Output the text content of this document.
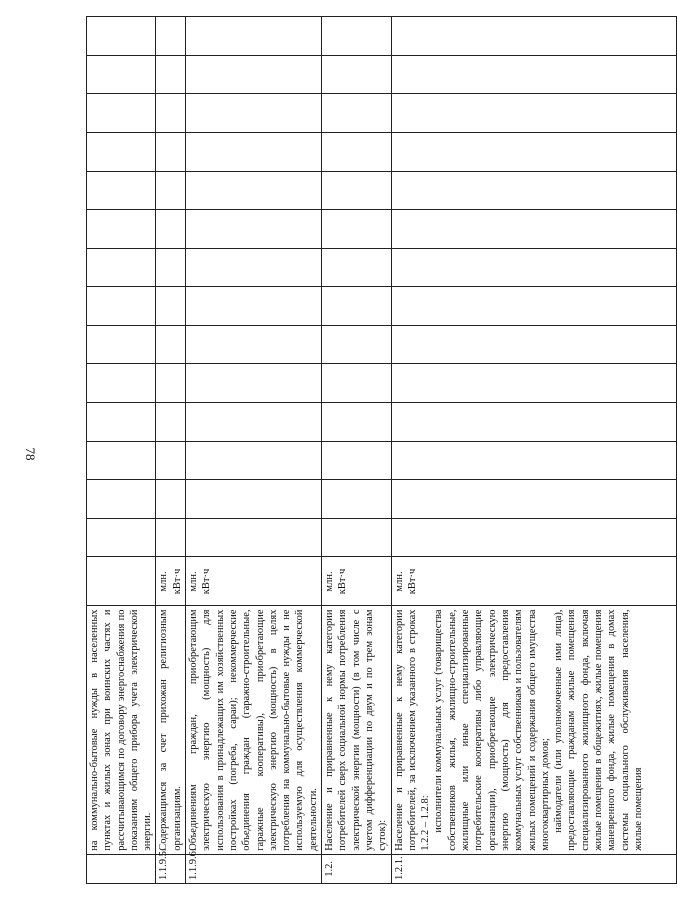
78

	на коммунально-бытовые нужды в населенных пунктах и жилых зонах при воинских частях и рассчитывающимся по договору энергоснабжения по показаниям общего прибора учета электрической энергии.															

1.1.9.5.	Содержащимся за счет прихожан религиозным организациям.	млн. кВт·ч														
1.1.9.6.	Объединениям граждан, приобретающим электрическую энергию (мощность) для использования в принадлежащих им хозяйственных постройках (погреба, сараи); некоммерческие объединения граждан (гаражно-строительные, гаражные кооперативы), приобретающие электрическую энергию (мощность) в целях потребления на коммунально-бытовые нужды и не используемую для осуществления коммерческой деятельности.	млн. кВт·ч														
1.2.	Население и приравненные к нему категории потребителей сверх социальной нормы потребления электрической энергии (мощности) (в том числе с учетом дифференциации по двум и по трем зонам суток):	млн. кВт·ч														
1.2.1.	Население и приравненные к нему категории потребителей, за исключением указанного в строках 1.2.2 – 1.2.8: исполнители коммунальных услуг (товарищества собственников жилья, жилищно-строительные, жилищные или иные специализированные потребительские кооперативы либо управляющие организации), приобретающие электрическую энергию (мощность) для предоставления коммунальных услуг собственникам и пользователям жилых помещений и содержания общего имущества многоквартирных домов; наймодатели (или уполномоченные ими лица), предоставляющие гражданам жилые помещения специализированного жилищного фонда, включая жилые помещения в общежитиях, жилые помещения маневренного фонда, жилые помещения в домах системы социального обслуживания населения, жилые помещения	млн. кВт·ч														
